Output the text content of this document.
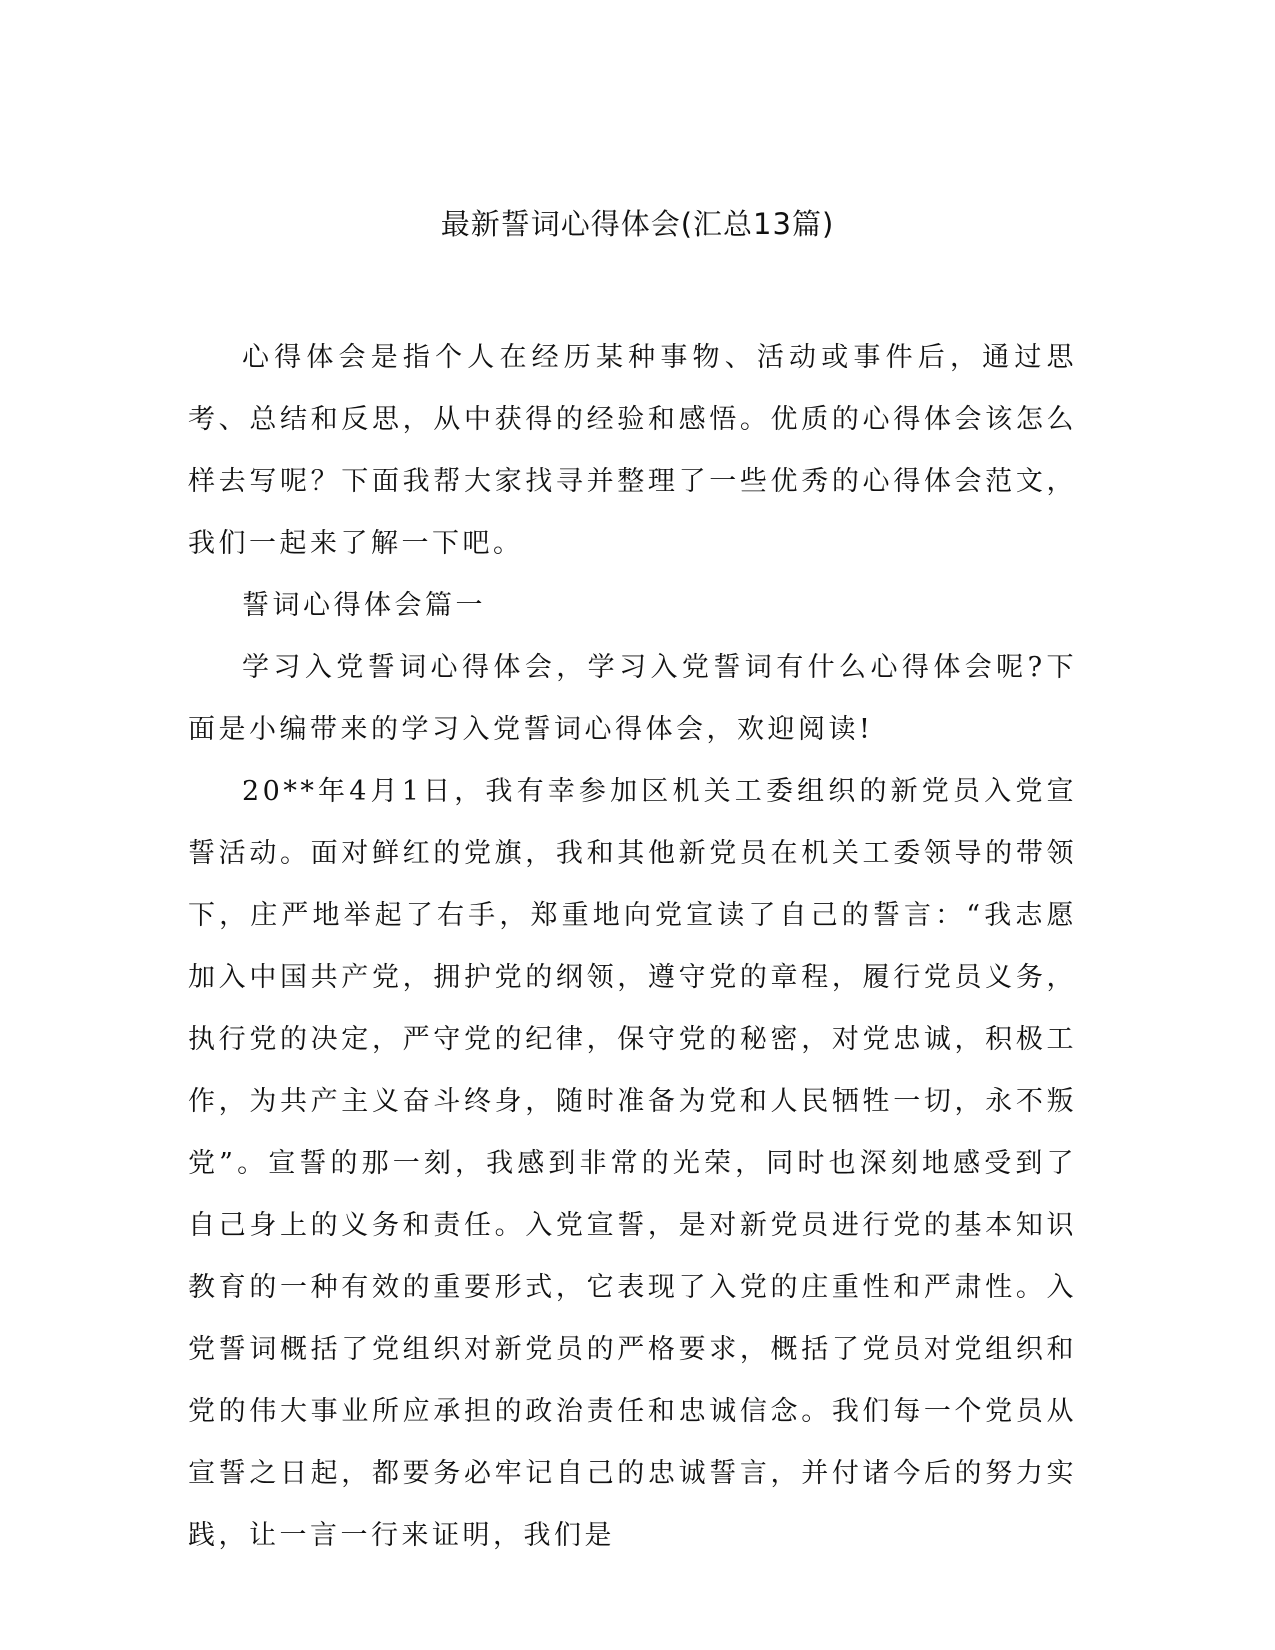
最新誓词心得体会(汇总13篇)

心得体会是指个人在经历某种事物、活动或事件后，通过思考、总结和反思，从中获得的经验和感悟。优质的心得体会该怎么样去写呢？下面我帮大家找寻并整理了一些优秀的心得体会范文，我们一起来了解一下吧。

誓词心得体会篇一

学习入党誓词心得体会，学习入党誓词有什么心得体会呢?下面是小编带来的学习入党誓词心得体会，欢迎阅读!

20**年4月1日，我有幸参加区机关工委组织的新党员入党宣誓活动。面对鲜红的党旗，我和其他新党员在机关工委领导的带领下，庄严地举起了右手，郑重地向党宣读了自己的誓言：“我志愿加入中国共产党，拥护党的纲领，遵守党的章程，履行党员义务，执行党的决定，严守党的纪律，保守党的秘密，对党忠诚，积极工作，为共产主义奋斗终身，随时准备为党和人民牺牲一切，永不叛党”。宣誓的那一刻，我感到非常的光荣，同时也深刻地感受到了自己身上的义务和责任。入党宣誓，是对新党员进行党的基本知识教育的一种有效的重要形式，它表现了入党的庄重性和严肃性。入党誓词概括了党组织对新党员的严格要求，概括了党员对党组织和党的伟大事业所应承担的政治责任和忠诚信念。我们每一个党员从宣誓之日起，都要务必牢记自己的忠诚誓言，并付诸今后的努力实践，让一言一行来证明，我们是
